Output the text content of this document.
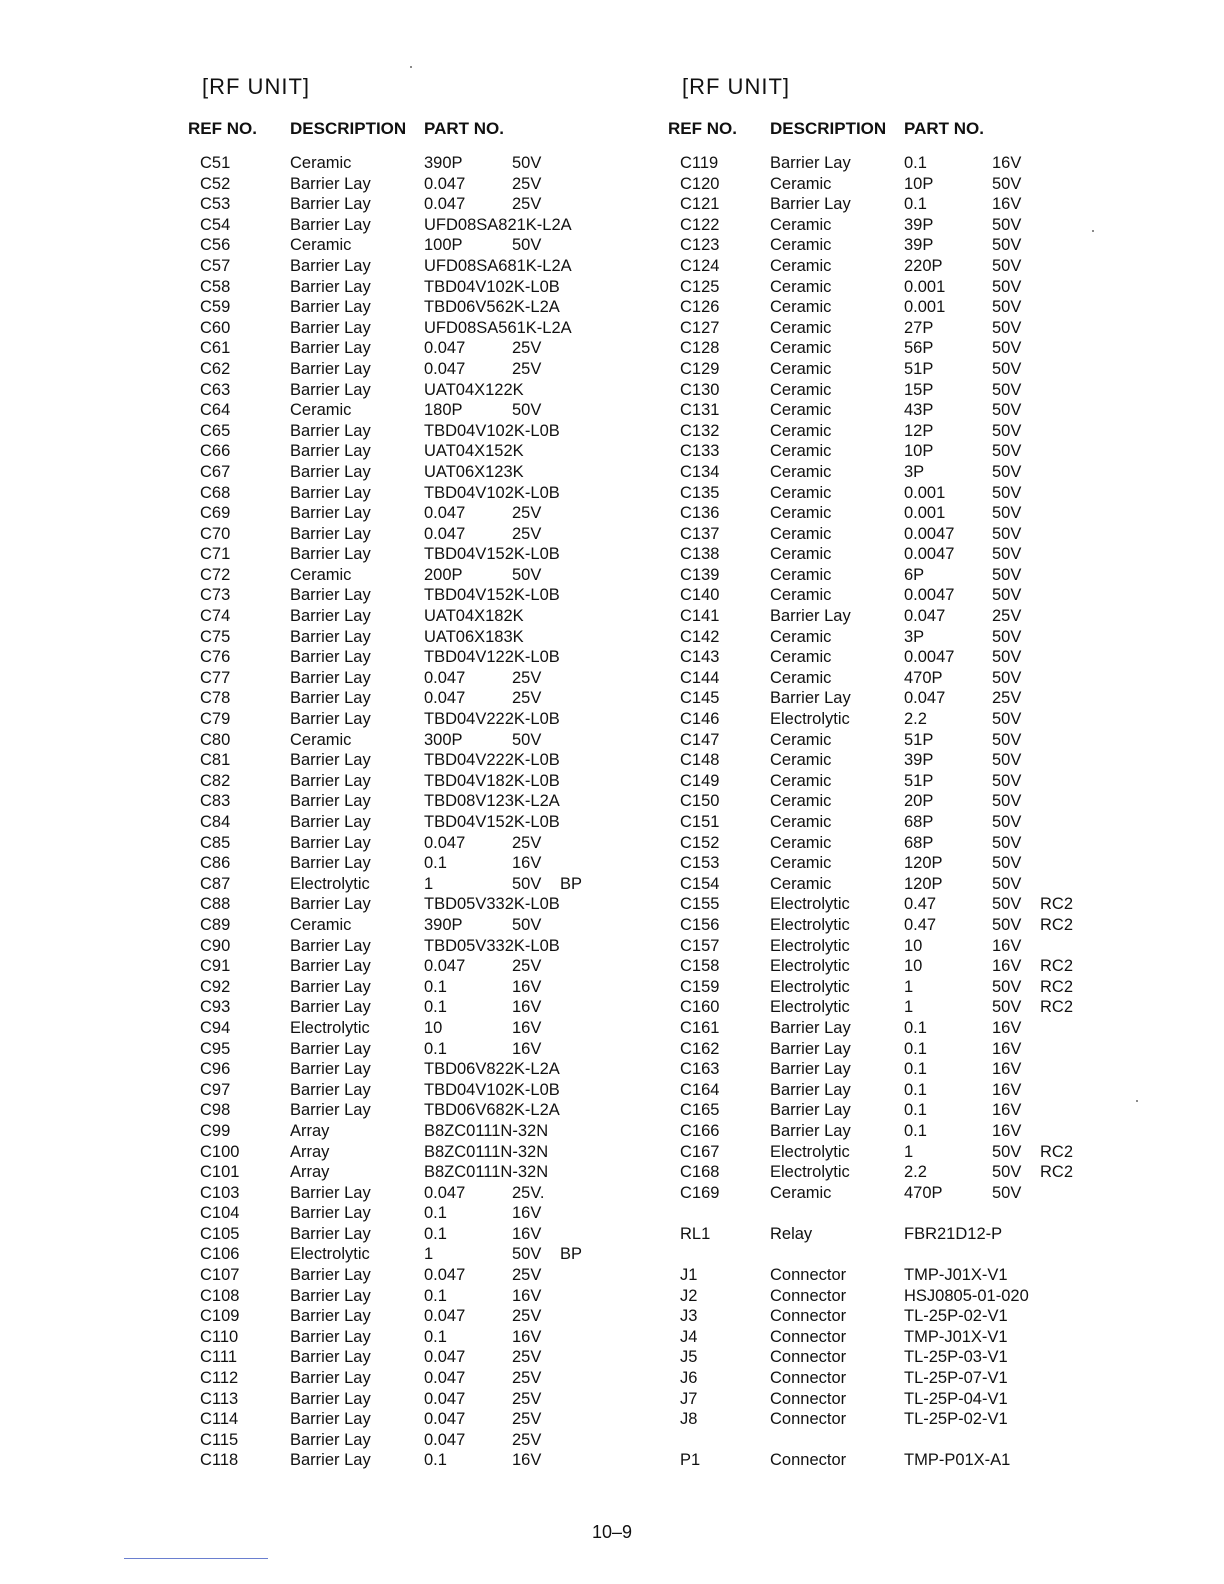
[RF UNIT]
REF NO. DESCRIPTION PART NO.
C51	Ceramic	390P	50V
C52	Barrier Lay	0.047	25V
C53	Barrier Lay	0.047	25V
C54	Barrier Lay	UFD08SA821K-L2A
C56	Ceramic	100P	50V
C57	Barrier Lay	UFD08SA681K-L2A
C58	Barrier Lay	TBD04V102K-L0B
C59	Barrier Lay	TBD06V562K-L2A
C60	Barrier Lay	UFD08SA561K-L2A
C61	Barrier Lay	0.047	25V
C62	Barrier Lay	0.047	25V
C63	Barrier Lay	UAT04X122K
C64	Ceramic	180P	50V
C65	Barrier Lay	TBD04V102K-L0B
C66	Barrier Lay	UAT04X152K
C67	Barrier Lay	UAT06X123K
C68	Barrier Lay	TBD04V102K-L0B
C69	Barrier Lay	0.047	25V
C70	Barrier Lay	0.047	25V
C71	Barrier Lay	TBD04V152K-L0B
C72	Ceramic	200P	50V
C73	Barrier Lay	TBD04V152K-L0B
C74	Barrier Lay	UAT04X182K
C75	Barrier Lay	UAT06X183K
C76	Barrier Lay	TBD04V122K-L0B
C77	Barrier Lay	0.047	25V
C78	Barrier Lay	0.047	25V
C79	Barrier Lay	TBD04V222K-L0B
C80	Ceramic	300P	50V
C81	Barrier Lay	TBD04V222K-L0B
C82	Barrier Lay	TBD04V182K-L0B
C83	Barrier Lay	TBD08V123K-L2A
C84	Barrier Lay	TBD04V152K-L0B
C85	Barrier Lay	0.047	25V
C86	Barrier Lay	0.1	16V
C87	Electrolytic	1	50V BP
C88	Barrier Lay	TBD05V332K-L0B
C89	Ceramic	390P	50V
C90	Barrier Lay	TBD05V332K-L0B
C91	Barrier Lay	0.047	25V
C92	Barrier Lay	0.1	16V
C93	Barrier Lay	0.1	16V
C94	Electrolytic	10	16V
C95	Barrier Lay	0.1	16V
C96	Barrier Lay	TBD06V822K-L2A
C97	Barrier Lay	TBD04V102K-L0B
C98	Barrier Lay	TBD06V682K-L2A
C99	Array	B8ZC0111N-32N
C100	Array	B8ZC0111N-32N
C101	Array	B8ZC0111N-32N
C103	Barrier Lay	0.047	25V.
C104	Barrier Lay	0.1	16V
C105	Barrier Lay	0.1	16V
C106	Electrolytic	1	50V BP
C107	Barrier Lay	0.047	25V
C108	Barrier Lay	0.1	16V
C109	Barrier Lay	0.047	25V
C110	Barrier Lay	0.1	16V
C111	Barrier Lay	0.047	25V
C112	Barrier Lay	0.047	25V
C113	Barrier Lay	0.047	25V
C114	Barrier Lay	0.047	25V
C115	Barrier Lay	0.047	25V
C118	Barrier Lay	0.1	16V
[RF UNIT]
REF NO. DESCRIPTION PART NO.
C119	Barrier Lay	0.1	16V
C120	Ceramic	10P	50V
C121	Barrier Lay	0.1	16V
C122	Ceramic	39P	50V
C123	Ceramic	39P	50V
C124	Ceramic	220P	50V
C125	Ceramic	0.001	50V
C126	Ceramic	0.001	50V
C127	Ceramic	27P	50V
C128	Ceramic	56P	50V
C129	Ceramic	51P	50V
C130	Ceramic	15P	50V
C131	Ceramic	43P	50V
C132	Ceramic	12P	50V
C133	Ceramic	10P	50V
C134	Ceramic	3P	50V
C135	Ceramic	0.001	50V
C136	Ceramic	0.001	50V
C137	Ceramic	0.0047 50V
C138	Ceramic	0.0047 50V
C139	Ceramic	6P	50V
C140	Ceramic	0.0047 50V
C141	Barrier Lay	0.047	25V
C142	Ceramic	3P	50V
C143	Ceramic	0.0047 50V
C144	Ceramic	470P	50V
C145	Barrier Lay	0.047	25V
C146	Electrolytic	2.2	50V
C147	Ceramic	51P	50V
C148	Ceramic	39P	50V
C149	Ceramic	51P	50V
C150	Ceramic	20P	50V
C151	Ceramic	68P	50V
C152	Ceramic	68P	50V
C153	Ceramic	120P	50V
C154	Ceramic	120P	50V
C155	Electrolytic	0.47	50V RC2
C156	Electrolytic	0.47	50V RC2
C157	Electrolytic	10	16V
C158	Electrolytic	10	16V RC2
C159	Electrolytic	1	50V RC2
C160	Electrolytic	1	50V RC2
C161	Barrier Lay	0.1	16V
C162	Barrier Lay	0.1	16V
C163	Barrier Lay	0.1	16V
C164	Barrier Lay	0.1	16V
C165	Barrier Lay	0.1	16V
C166	Barrier Lay	0.1	16V
C167	Electrolytic	1	50V RC2
C168	Electrolytic	2.2	50V RC2
C169	Ceramic	470P	50V
RL1	Relay	FBR21D12-P
J1	Connector	TMP-J01X-V1
J2	Connector	HSJ0805-01-020
J3	Connector	TL-25P-02-V1
J4	Connector	TMP-J01X-V1
J5	Connector	TL-25P-03-V1
J6	Connector	TL-25P-07-V1
J7	Connector	TL-25P-04-V1
J8	Connector	TL-25P-02-V1
P1	Connector	TMP-P01X-A1
10–9
